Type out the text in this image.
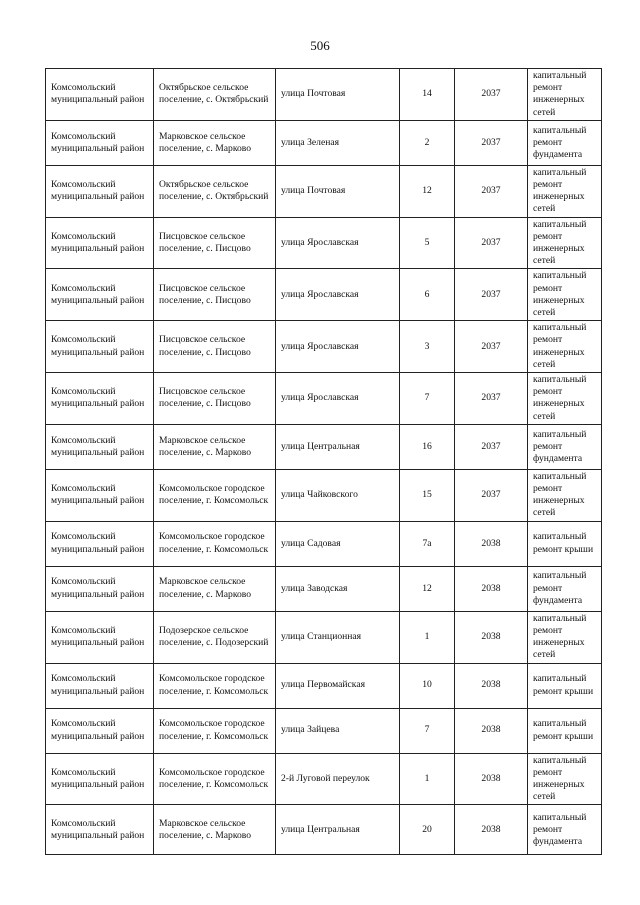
506
Комсомольский муниципальный район	Октябрьское сельское поселение, с. Октябрьский	улица Почтовая	14	2037	капитальный ремонт инженерных сетей
Комсомольский муниципальный район	Марковское сельское поселение, с. Марково	улица Зеленая	2	2037	капитальный ремонт фундамента
Комсомольский муниципальный район	Октябрьское сельское поселение, с. Октябрьский	улица Почтовая	12	2037	капитальный ремонт инженерных сетей
Комсомольский муниципальный район	Писцовское сельское поселение, с. Писцово	улица Ярославская	5	2037	капитальный ремонт инженерных сетей
Комсомольский муниципальный район	Писцовское сельское поселение, с. Писцово	улица Ярославская	6	2037	капитальный ремонт инженерных сетей
Комсомольский муниципальный район	Писцовское сельское поселение, с. Писцово	улица Ярославская	3	2037	капитальный ремонт инженерных сетей
Комсомольский муниципальный район	Писцовское сельское поселение, с. Писцово	улица Ярославская	7	2037	капитальный ремонт инженерных сетей
Комсомольский муниципальный район	Марковское сельское поселение, с. Марково	улица Центральная	16	2037	капитальный ремонт фундамента
Комсомольский муниципальный район	Комсомольское городское поселение, г. Комсомольск	улица Чайковского	15	2037	капитальный ремонт инженерных сетей
Комсомольский муниципальный район	Комсомольское городское поселение, г. Комсомольск	улица Садовая	7а	2038	капитальный ремонт крыши
Комсомольский муниципальный район	Марковское сельское поселение, с. Марково	улица Заводская	12	2038	капитальный ремонт фундамента
Комсомольский муниципальный район	Подозерское сельское поселение, с. Подозерский	улица Станционная	1	2038	капитальный ремонт инженерных сетей
Комсомольский муниципальный район	Комсомольское городское поселение, г. Комсомольск	улица Первомайская	10	2038	капитальный ремонт крыши
Комсомольский муниципальный район	Комсомольское городское поселение, г. Комсомольск	улица Зайцева	7	2038	капитальный ремонт крыши
Комсомольский муниципальный район	Комсомольское городское поселение, г. Комсомольск	2-й Луговой переулок	1	2038	капитальный ремонт инженерных сетей
Комсомольский муниципальный район	Марковское сельское поселение, с. Марково	улица Центральная	20	2038	капитальный ремонт фундамента
